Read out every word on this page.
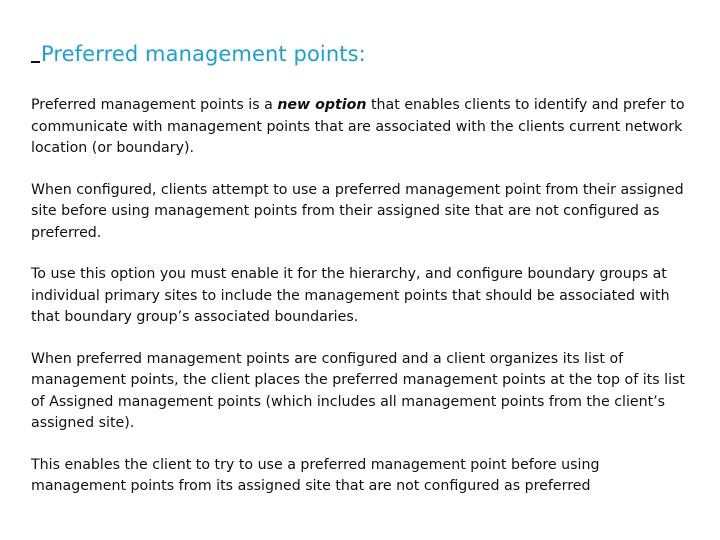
Preferred management points:

Preferred management points is a new option that enables clients to identify and prefer to communicate with management points that are associated with the clients current network location (or boundary).

When configured, clients attempt to use a preferred management point from their assigned site before using management points from their assigned site that are not configured as preferred.

To use this option you must enable it for the hierarchy, and configure boundary groups at individual primary sites to include the management points that should be associated with that boundary group’s associated boundaries.

When preferred management points are configured and a client organizes its list of management points, the client places the preferred management points at the top of its list of Assigned management points (which includes all management points from the client’s assigned site).

This enables the client to try to use a preferred management point before using management points from its assigned site that are not configured as preferred
